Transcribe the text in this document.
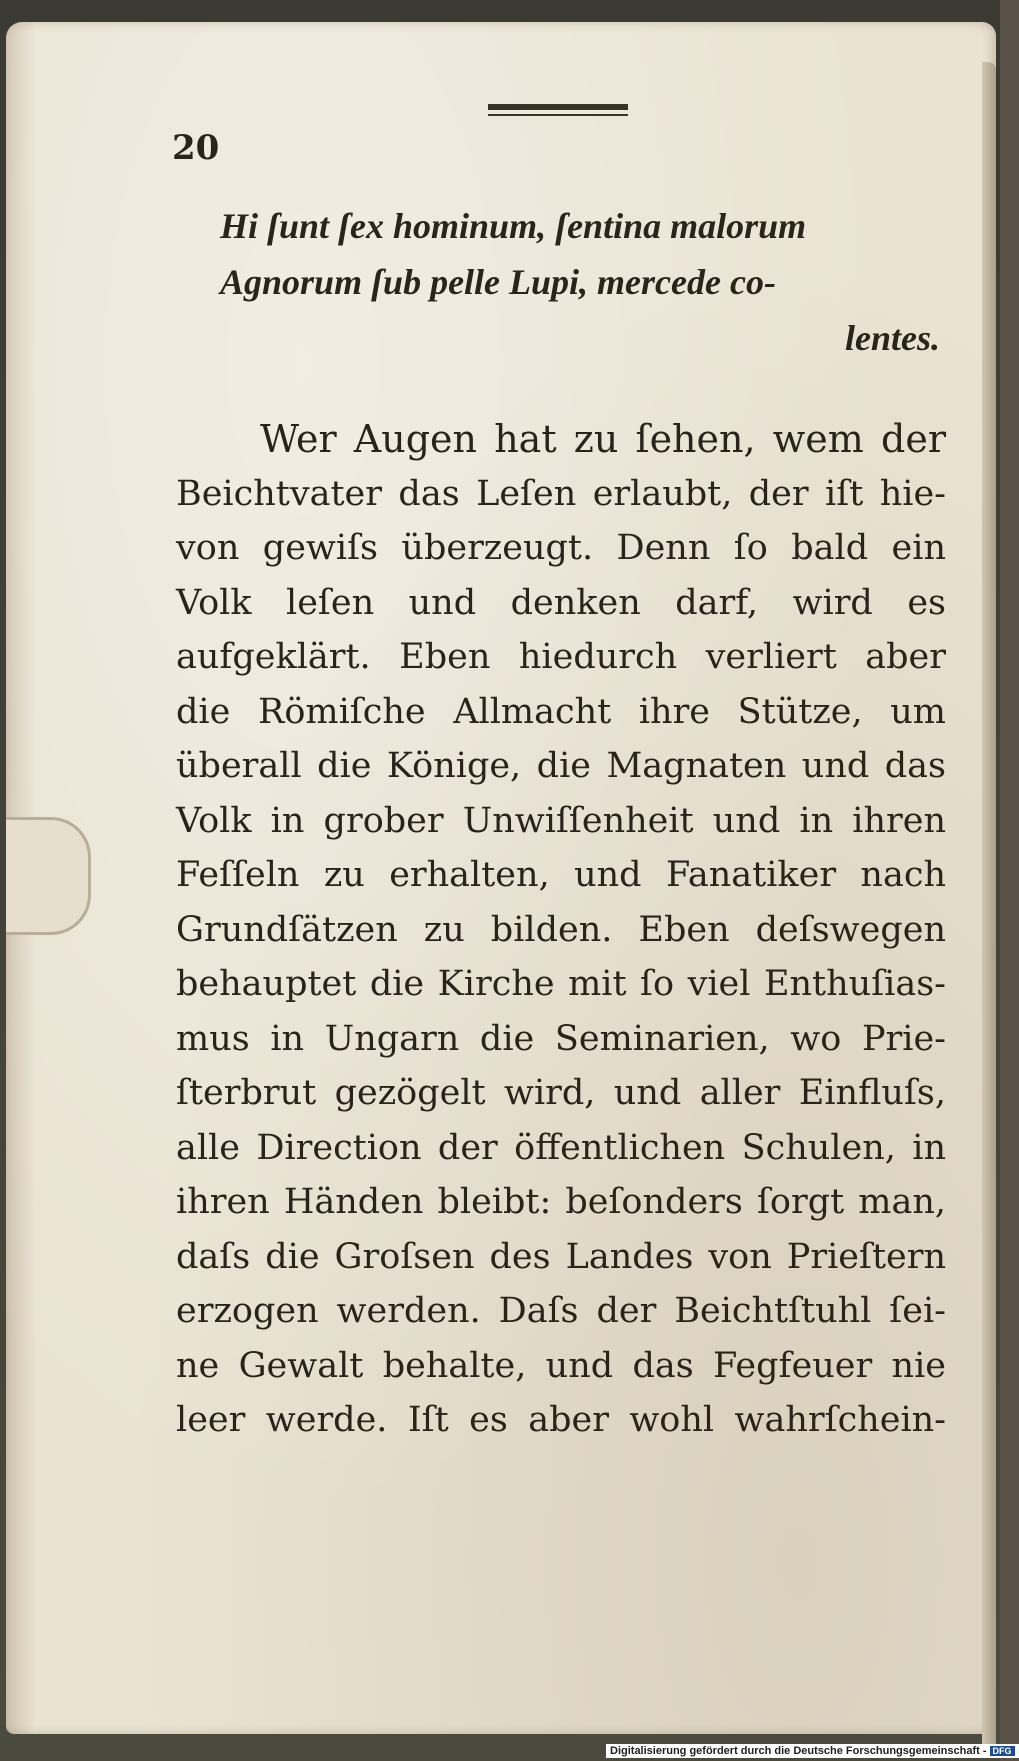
20
Hi ſunt ſex hominum, ſentina malorum
Agnorum ſub pelle Lupi, mercede co-
lentes.
Wer Augen hat zu ſehen, wem der
Beichtvater das Leſen erlaubt, der iſt hie-
von gewiſs überzeugt. Denn ſo bald ein
Volk leſen und denken darf, wird es
aufgeklärt. Eben hiedurch verliert aber
die Römiſche Allmacht ihre Stütze, um
überall die Könige, die Magnaten und das
Volk in grober Unwiſſenheit und in ihren
Feſſeln zu erhalten, und Fanatiker nach
Grundſätzen zu bilden. Eben deſswegen
behauptet die Kirche mit ſo viel Enthuſias-
mus in Ungarn die Seminarien, wo Prie-
ſterbrut gezögelt wird, und aller Einfluſs,
alle Direction der öffentlichen Schulen, in
ihren Händen bleibt: beſonders ſorgt man,
daſs die Groſsen des Landes von Prieſtern
erzogen werden. Daſs der Beichtſtuhl ſei-
ne Gewalt behalte, und das Fegfeuer nie
leer werde. Iſt es aber wohl wahrſchein-
Digitalisierung gefördert durch die Deutsche Forschungsgemeinschaft - DFG
